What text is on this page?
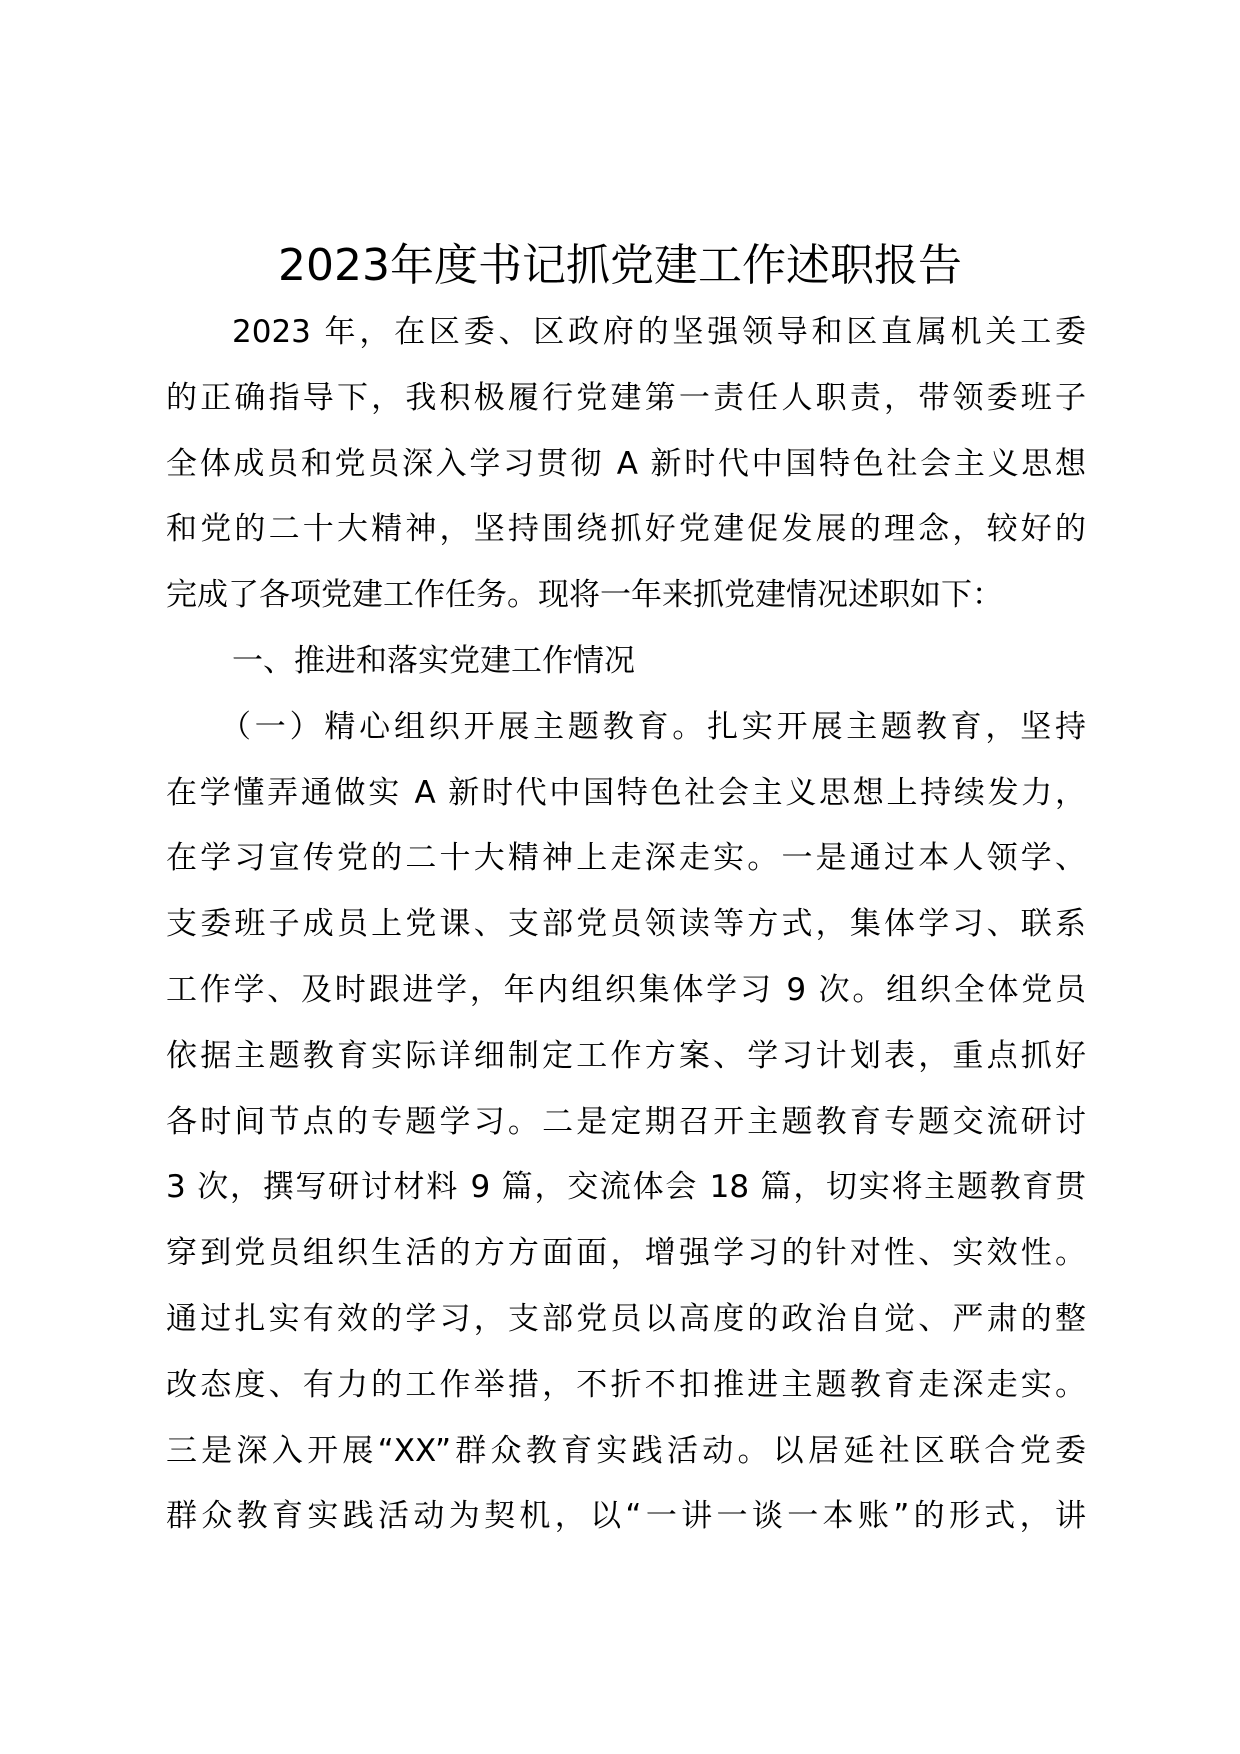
2023年度书记抓党建工作述职报告
2023 年，在区委、区政府的坚强领导和区直属机关工委
的正确指导下，我积极履行党建第一责任人职责，带领委班子
全体成员和党员深入学习贯彻 A 新时代中国特色社会主义思想
和党的二十大精神，坚持围绕抓好党建促发展的理念，较好的
完成了各项党建工作任务。现将一年来抓党建情况述职如下：
一、推进和落实党建工作情况
（一）精心组织开展主题教育。扎实开展主题教育，坚持
在学懂弄通做实 A 新时代中国特色社会主义思想上持续发力，
在学习宣传党的二十大精神上走深走实。一是通过本人领学、
支委班子成员上党课、支部党员领读等方式，集体学习、联系
工作学、及时跟进学，年内组织集体学习 9 次。组织全体党员
依据主题教育实际详细制定工作方案、学习计划表，重点抓好
各时间节点的专题学习。二是定期召开主题教育专题交流研讨
3 次，撰写研讨材料 9 篇，交流体会 18 篇，切实将主题教育贯
穿到党员组织生活的方方面面，增强学习的针对性、实效性。
通过扎实有效的学习，支部党员以高度的政治自觉、严肃的整
改态度、有力的工作举措，不折不扣推进主题教育走深走实。
三是深入开展“XX”群众教育实践活动。以居延社区联合党委
群众教育实践活动为契机，以“一讲一谈一本账”的形式，讲
